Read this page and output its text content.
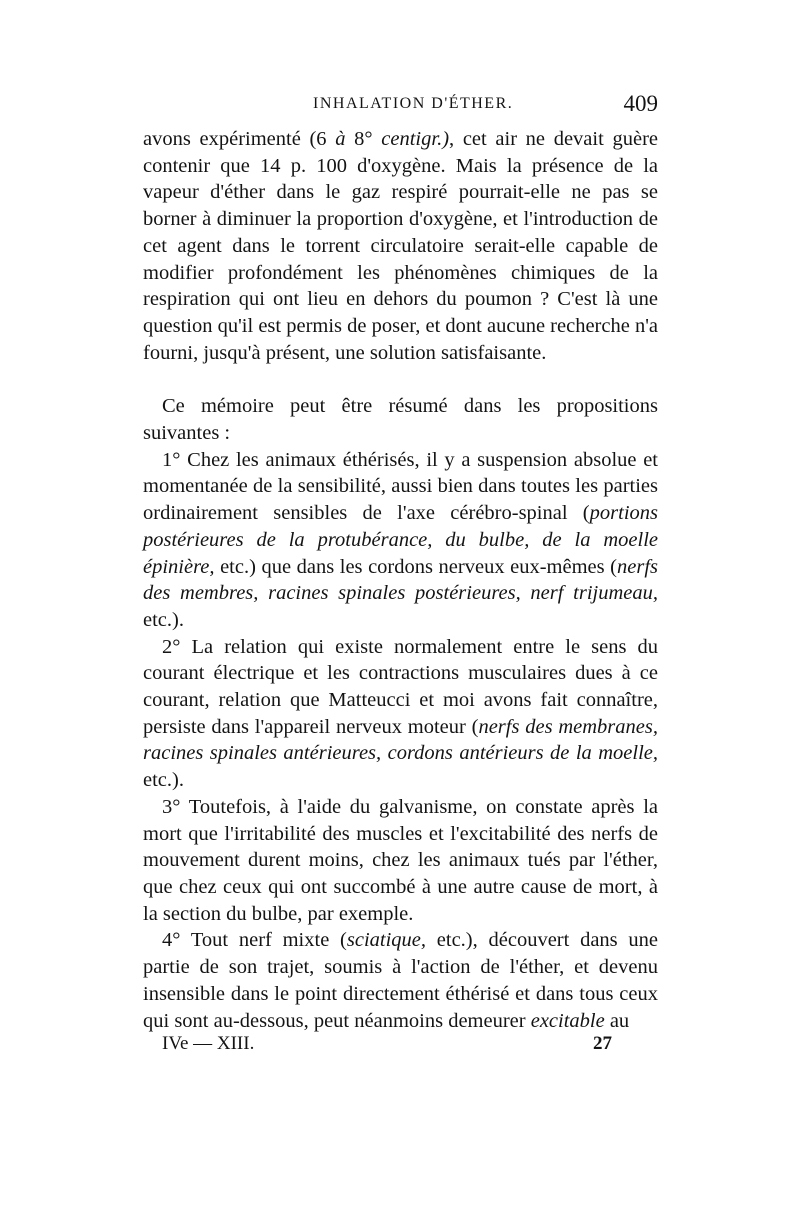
INHALATION D'ÉTHER.	409

avons expérimenté (6 à 8° centigr.), cet air ne devait guère contenir que 14 p. 100 d'oxygène. Mais la présence de la vapeur d'éther dans le gaz respiré pourrait-elle ne pas se borner à diminuer la proportion d'oxygène, et l'introduction de cet agent dans le torrent circulatoire serait-elle capable de modifier profondément les phénomènes chimiques de la respiration qui ont lieu en dehors du poumon ? C'est là une question qu'il est permis de poser, et dont aucune recherche n'a fourni, jusqu'à présent, une solution satisfaisante.

Ce mémoire peut être résumé dans les propositions suivantes :

1° Chez les animaux éthérisés, il y a suspension absolue et momentanée de la sensibilité, aussi bien dans toutes les parties ordinairement sensibles de l'axe cérébro-spinal (portions postérieures de la protubérance, du bulbe, de la moelle épinière, etc.) que dans les cordons nerveux eux-mêmes (nerfs des membres, racines spinales postérieures, nerf trijumeau, etc.).

2° La relation qui existe normalement entre le sens du courant électrique et les contractions musculaires dues à ce courant, relation que Matteucci et moi avons fait connaître, persiste dans l'appareil nerveux moteur (nerfs des membranes, racines spinales antérieures, cordons antérieurs de la moelle, etc.).

3° Toutefois, à l'aide du galvanisme, on constate après la mort que l'irritabilité des muscles et l'excitabilité des nerfs de mouvement durent moins, chez les animaux tués par l'éther, que chez ceux qui ont succombé à une autre cause de mort, à la section du bulbe, par exemple.

4° Tout nerf mixte (sciatique, etc.), découvert dans une partie de son trajet, soumis à l'action de l'éther, et devenu insensible dans le point directement éthérisé et dans tous ceux qui sont au-dessous, peut néanmoins demeurer excitable au

IVe — XIII.	27
